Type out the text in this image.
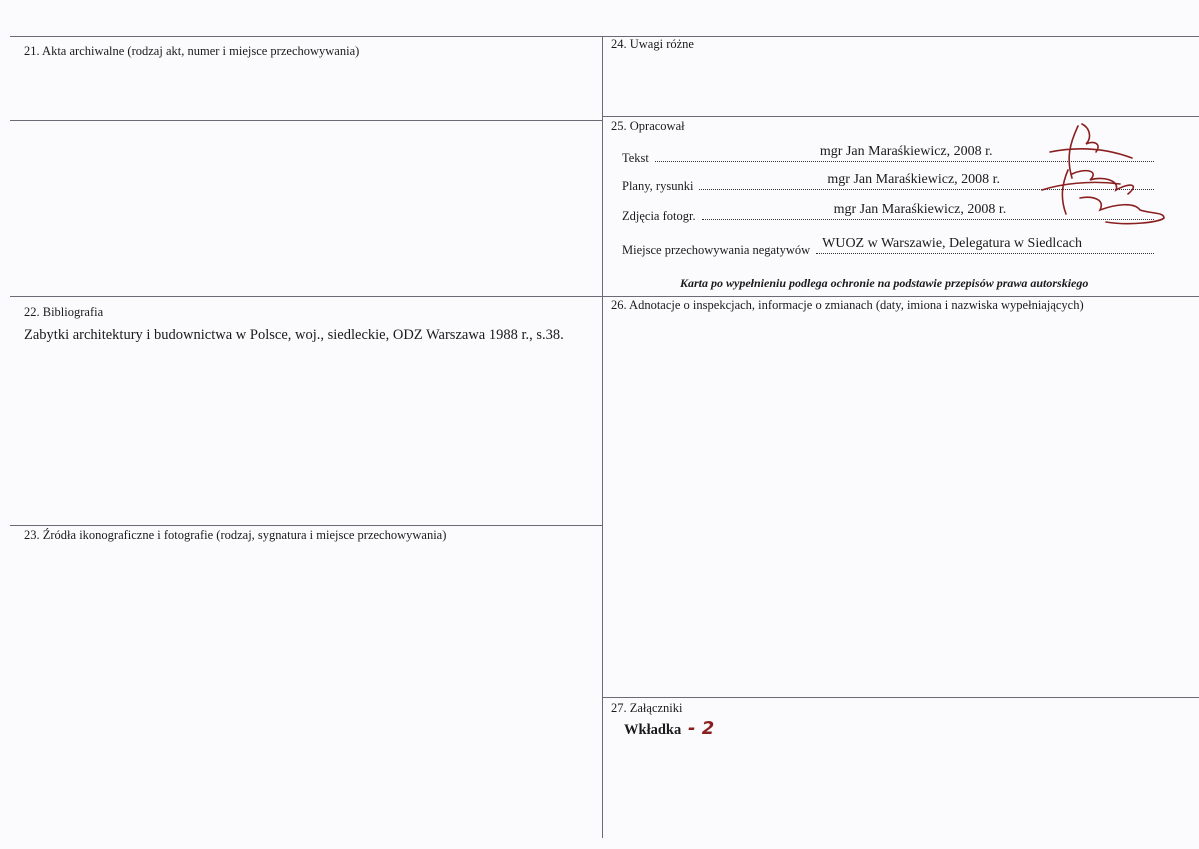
21. Akta archiwalne (rodzaj akt, numer i miejsce przechowywania)	24. Uwagi różne
25. Opracował
Tekst	mgr Jan Maraśkiewicz, 2008 r.
Plany, rysunki	mgr Jan Maraśkiewicz, 2008 r.
Zdjęcia fotogr.	mgr Jan Maraśkiewicz, 2008 r.
Miejsce przechowywania negatywów WUOZ w Warszawie, Delegatura w Siedlcach
Karta po wypełnieniu podlega ochronie na podstawie przepisów prawa autorskiego
22. Bibliografia
Zabytki architektury i budownictwa w Polsce, woj., siedleckie, ODZ Warszawa 1988 r., s.38.
26. Adnotacje o inspekcjach, informacje o zmianach (daty, imiona i nazwiska wypełniających)
23. Źródła ikonograficzne i fotografie (rodzaj, sygnatura i miejsce przechowywania)
27. Załączniki
Wkładka - 2
